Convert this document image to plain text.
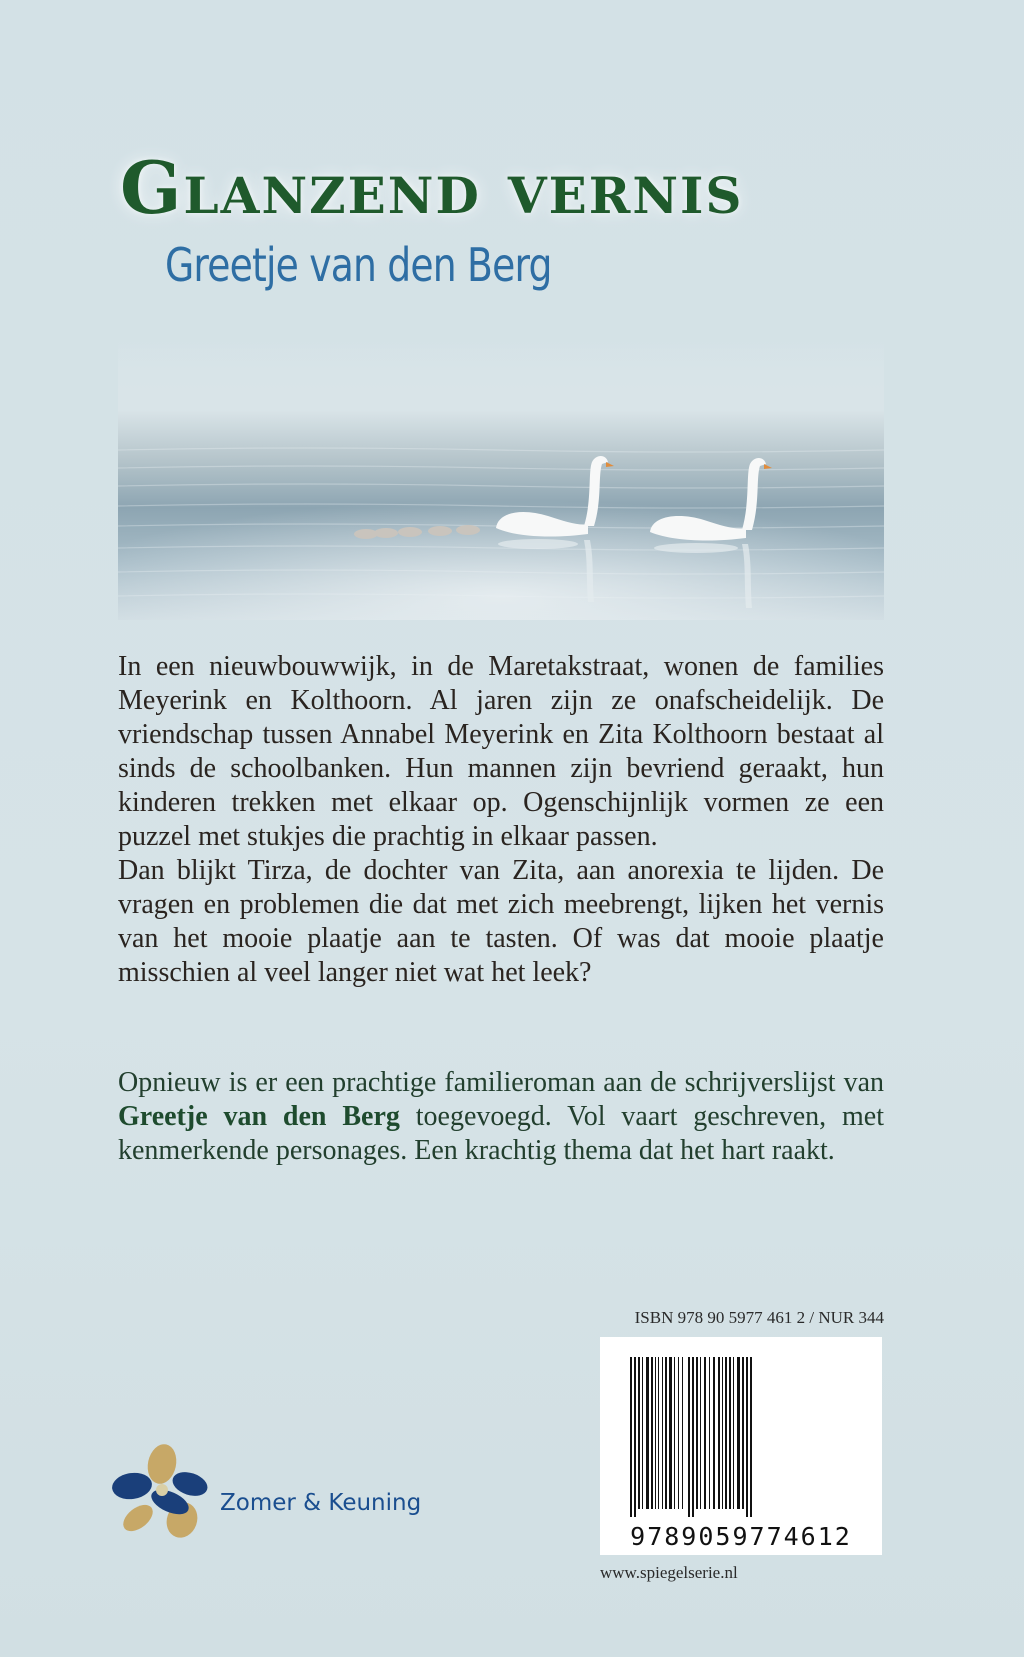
Glanzend vernis
Greetje van den Berg

In een nieuwbouwwijk, in de Maretakstraat, wonen de families Meyerink en Kolthoorn. Al jaren zijn ze onafscheidelijk. De vriendschap tussen Annabel Meyerink en Zita Kolthoorn bestaat al sinds de schoolbanken. Hun mannen zijn bevriend geraakt, hun kinderen trekken met elkaar op. Ogenschijnlijk vormen ze een puzzel met stukjes die prachtig in elkaar passen.

Dan blijkt Tirza, de dochter van Zita, aan anorexia te lijden. De vragen en problemen die dat met zich meebrengt, lijken het vernis van het mooie plaatje aan te tasten. Of was dat mooie plaatje misschien al veel langer niet wat het leek?

Opnieuw is er een prachtige familieroman aan de schrijverslijst van Greetje van den Berg toegevoegd. Vol vaart geschreven, met kenmerkende personages. Een krachtig thema dat het hart raakt.

ISBN 978 90 5977 461 2 / NUR 344
9789059774612
www.spiegelserie.nl
Zomer & Keuning
